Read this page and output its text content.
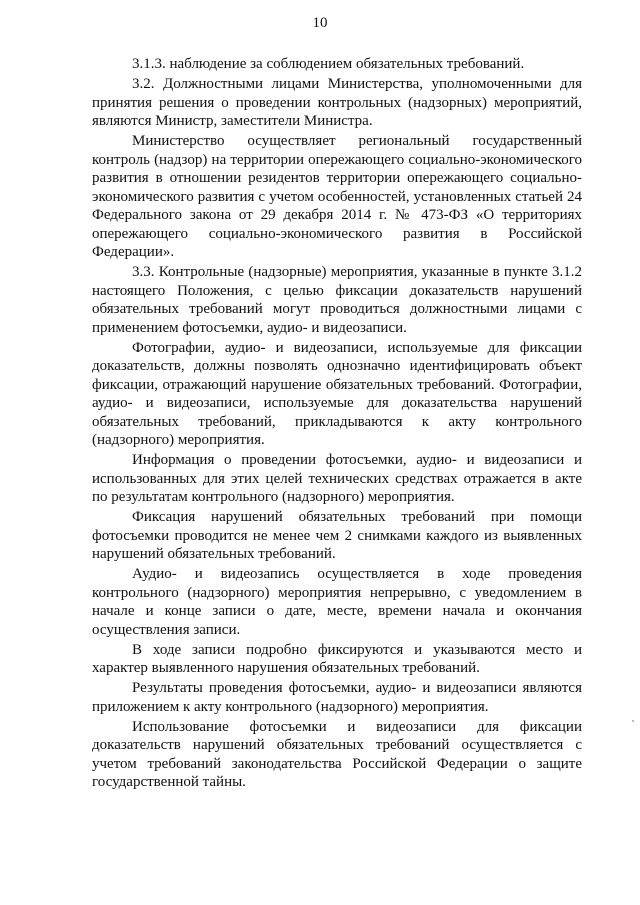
10

3.1.3. наблюдение за соблюдением обязательных требований.

3.2. Должностными лицами Министерства, уполномоченными для принятия решения о проведении контрольных (надзорных) мероприятий, являются Министр, заместители Министра.

Министерство осуществляет региональный государственный контроль (надзор) на территории опережающего социально-экономического развития в отношении резидентов территории опережающего социально-экономического развития с учетом особенностей, установленных статьей 24 Федерального закона от 29 декабря 2014 г. № 473-ФЗ «О территориях опережающего социально-экономического развития в Российской Федерации».

3.3. Контрольные (надзорные) мероприятия, указанные в пункте 3.1.2 настоящего Положения, с целью фиксации доказательств нарушений обязательных требований могут проводиться должностными лицами с применением фотосъемки, аудио- и видеозаписи.

Фотографии, аудио- и видеозаписи, используемые для фиксации доказательств, должны позволять однозначно идентифицировать объект фиксации, отражающий нарушение обязательных требований. Фотографии, аудио- и видеозаписи, используемые для доказательства нарушений обязательных требований, прикладываются к акту контрольного (надзорного) мероприятия.

Информация о проведении фотосъемки, аудио- и видеозаписи и использованных для этих целей технических средствах отражается в акте по результатам контрольного (надзорного) мероприятия.

Фиксация нарушений обязательных требований при помощи фотосъемки проводится не менее чем 2 снимками каждого из выявленных нарушений обязательных требований.

Аудио- и видеозапись осуществляется в ходе проведения контрольного (надзорного) мероприятия непрерывно, с уведомлением в начале и конце записи о дате, месте, времени начала и окончания осуществления записи.

В ходе записи подробно фиксируются и указываются место и характер выявленного нарушения обязательных требований.

Результаты проведения фотосъемки, аудио- и видеозаписи являются приложением к акту контрольного (надзорного) мероприятия.

Использование фотосъемки и видеозаписи для фиксации доказательств нарушений обязательных требований осуществляется с учетом требований законодательства Российской Федерации о защите государственной тайны.
